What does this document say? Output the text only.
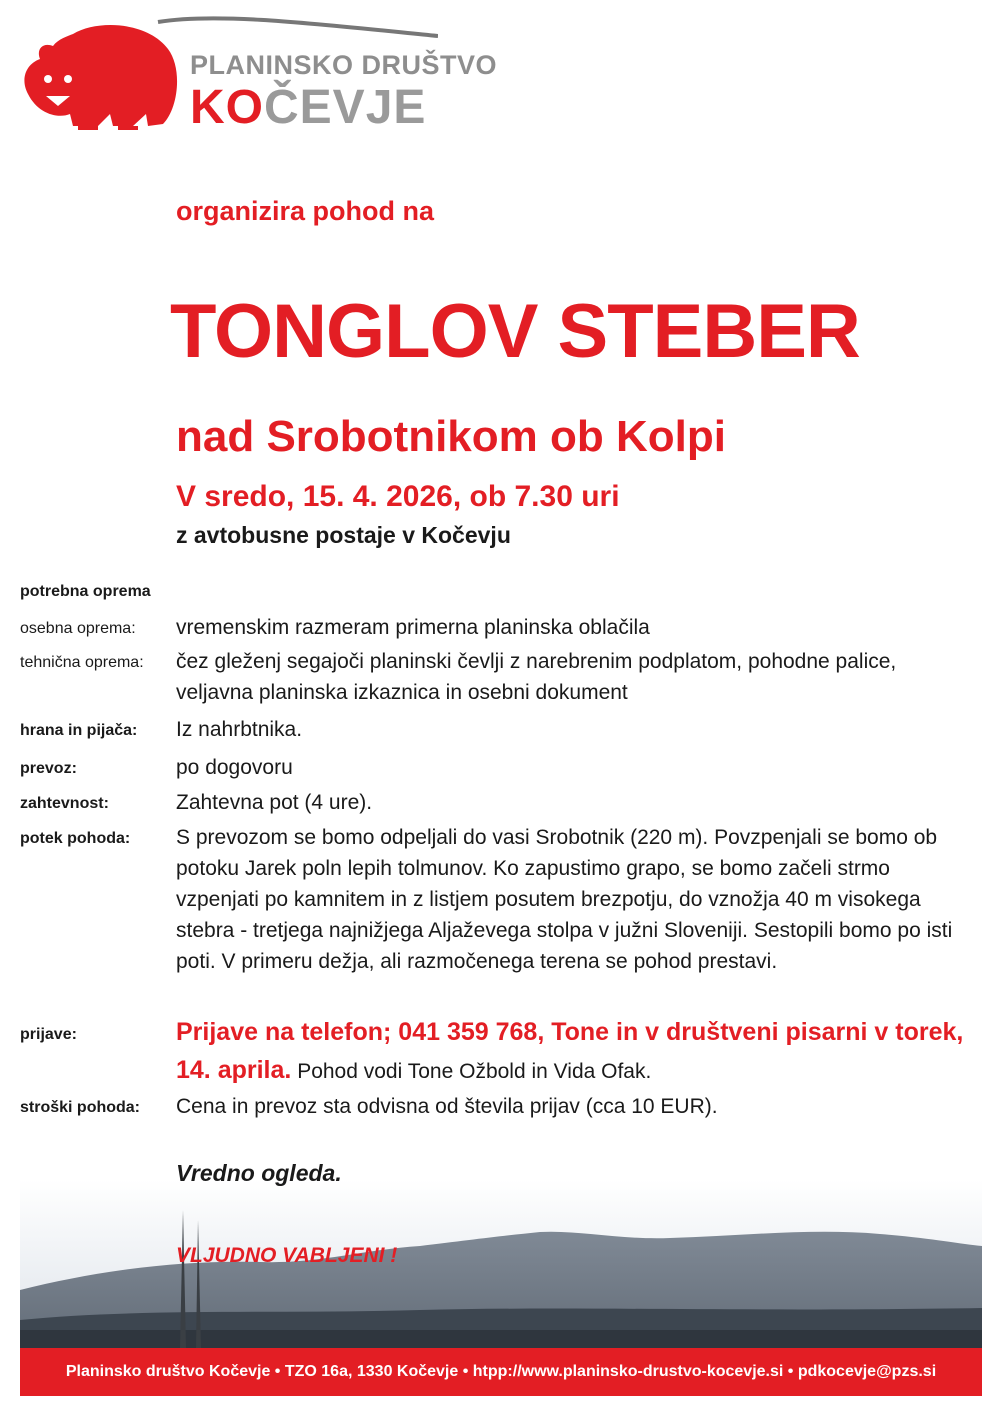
PLANINSKO DRUŠTVO
KOČEVJE
organizira pohod na
TONGLOV STEBER
nad Srobotnikom ob Kolpi
V sredo, 15. 4. 2026, ob 7.30 uri
z avtobusne postaje v Kočevju
potrebna oprema
osebna oprema: vremenskim razmeram primerna planinska oblačila
tehnična oprema: čez gleženj segajoči planinski čevlji z narebrenim podplatom, pohodne palice, veljavna planinska izkaznica in osebni dokument
hrana in pijača: Iz nahrbtnika.
prevoz:	po dogovoru
zahtevnost:	Zahtevna pot (4 ure).
potek pohoda: S prevozom se bomo odpeljali do vasi Srobotnik (220 m). Povzpenjali se bomo ob potoku Jarek poln lepih tolmunov. Ko zapustimo grapo, se bomo začeli strmo vzpenjati po kamnitem in z listjem posutem brezpotju, do vznožja 40 m visokega stebra - tretjega najnižjega Aljaževega stolpa v južni Sloveniji. Sestopili bomo po isti poti. V primeru dežja, ali razmočenega terena se pohod prestavi.
prijave:	Prijave na telefon; 041 359 768, Tone in v društveni pisarni v torek, 14. aprila. Pohod vodi Tone Ožbold in Vida Ofak.
stroški pohoda: Cena in prevoz sta odvisna od števila prijav (cca 10 EUR).
Vredno ogleda.
VLJUDNO VABLJENI !
Planinsko društvo Kočevje • TZO 16a, 1330 Kočevje • htpp://www.planinsko-drustvo-kocevje.si • pdkocevje@pzs.si
